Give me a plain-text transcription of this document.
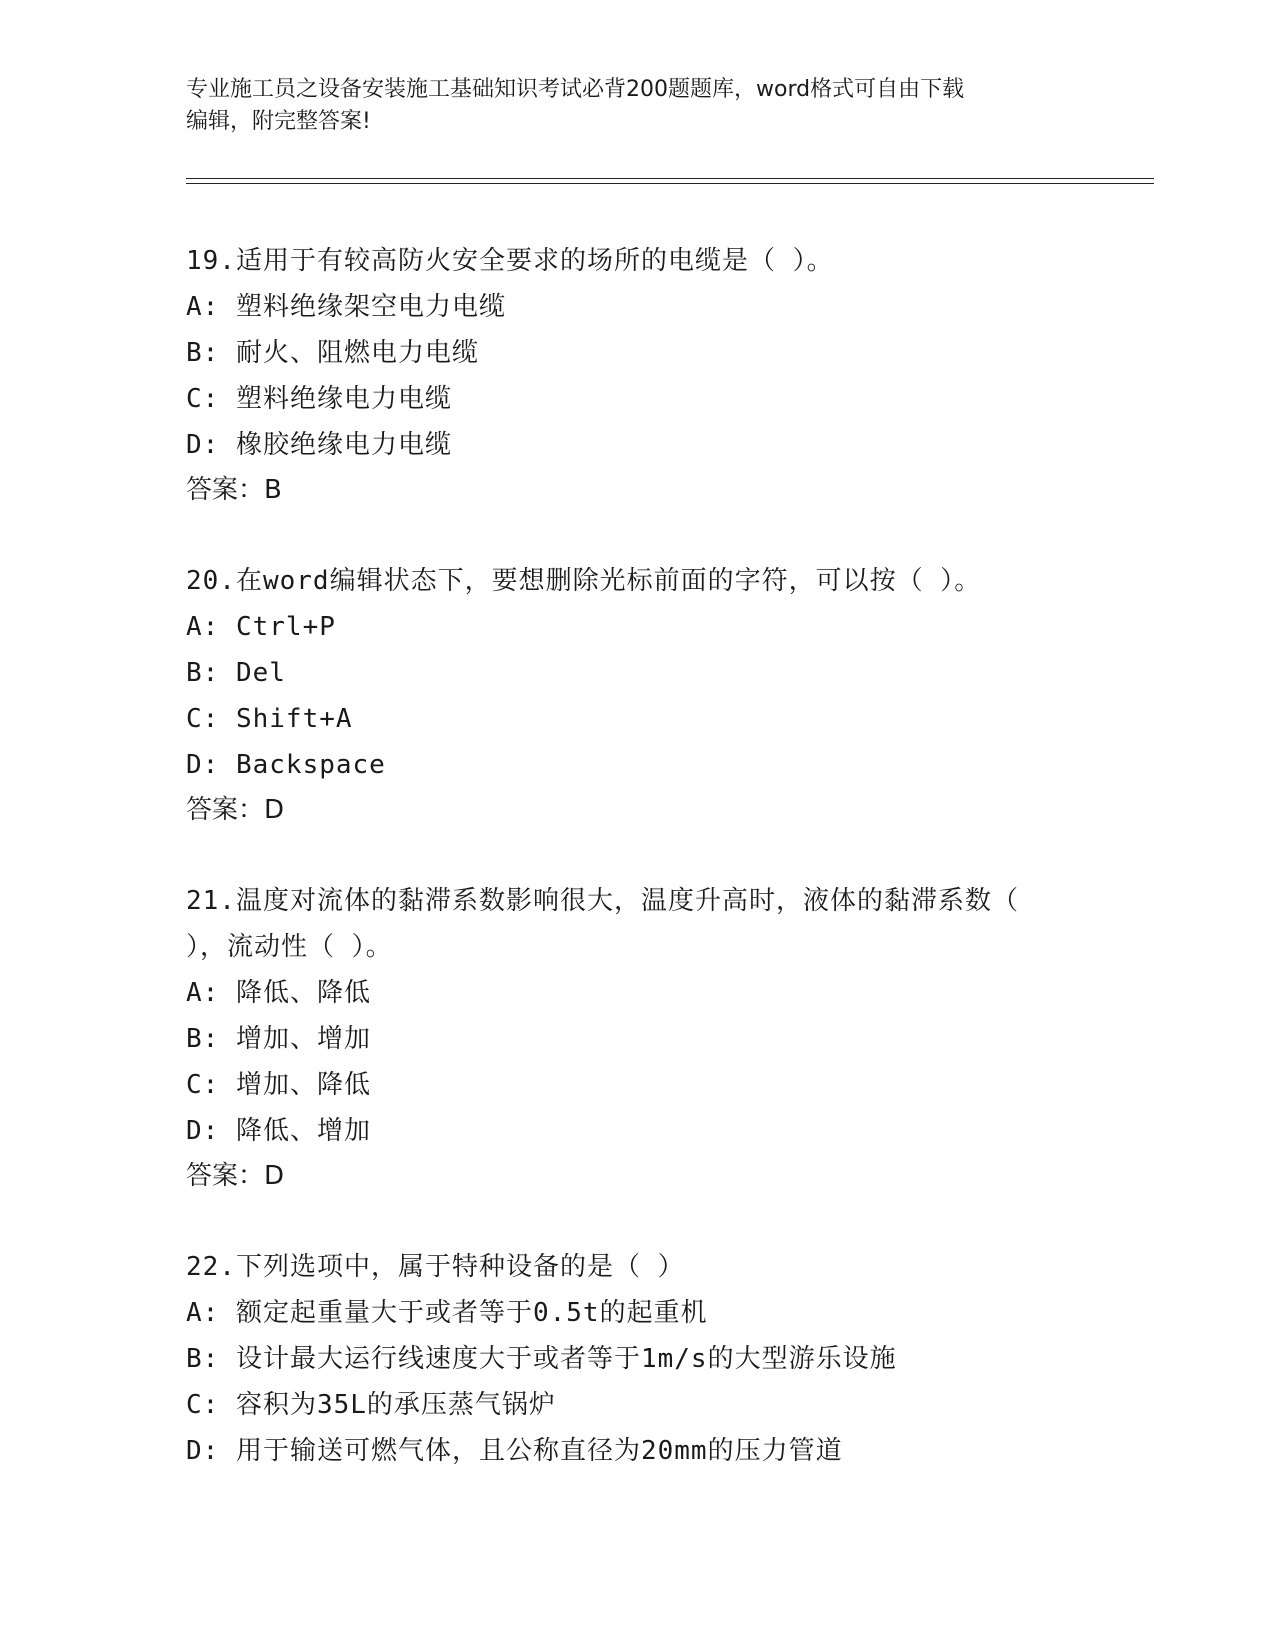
专业施工员之设备安装施工基础知识考试必背200题题库，word格式可自由下载
编辑，附完整答案!
19.适用于有较高防火安全要求的场所的电缆是（ ）。
A: 塑料绝缘架空电力电缆
B: 耐火、阻燃电力电缆
C: 塑料绝缘电力电缆
D: 橡胶绝缘电力电缆
答案：B
20.在word编辑状态下，要想删除光标前面的字符，可以按（ ）。
A: Ctrl+P
B: Del
C: Shift+A
D: Backspace
答案：D
21.温度对流体的黏滞系数影响很大，温度升高时，液体的黏滞系数（
），流动性（ ）。
A: 降低、降低
B: 增加、增加
C: 增加、降低
D: 降低、增加
答案：D
22.下列选项中，属于特种设备的是（ ）
A: 额定起重量大于或者等于0.5t的起重机
B: 设计最大运行线速度大于或者等于1m/s的大型游乐设施
C: 容积为35L的承压蒸气锅炉
D: 用于输送可燃气体，且公称直径为20mm的压力管道
